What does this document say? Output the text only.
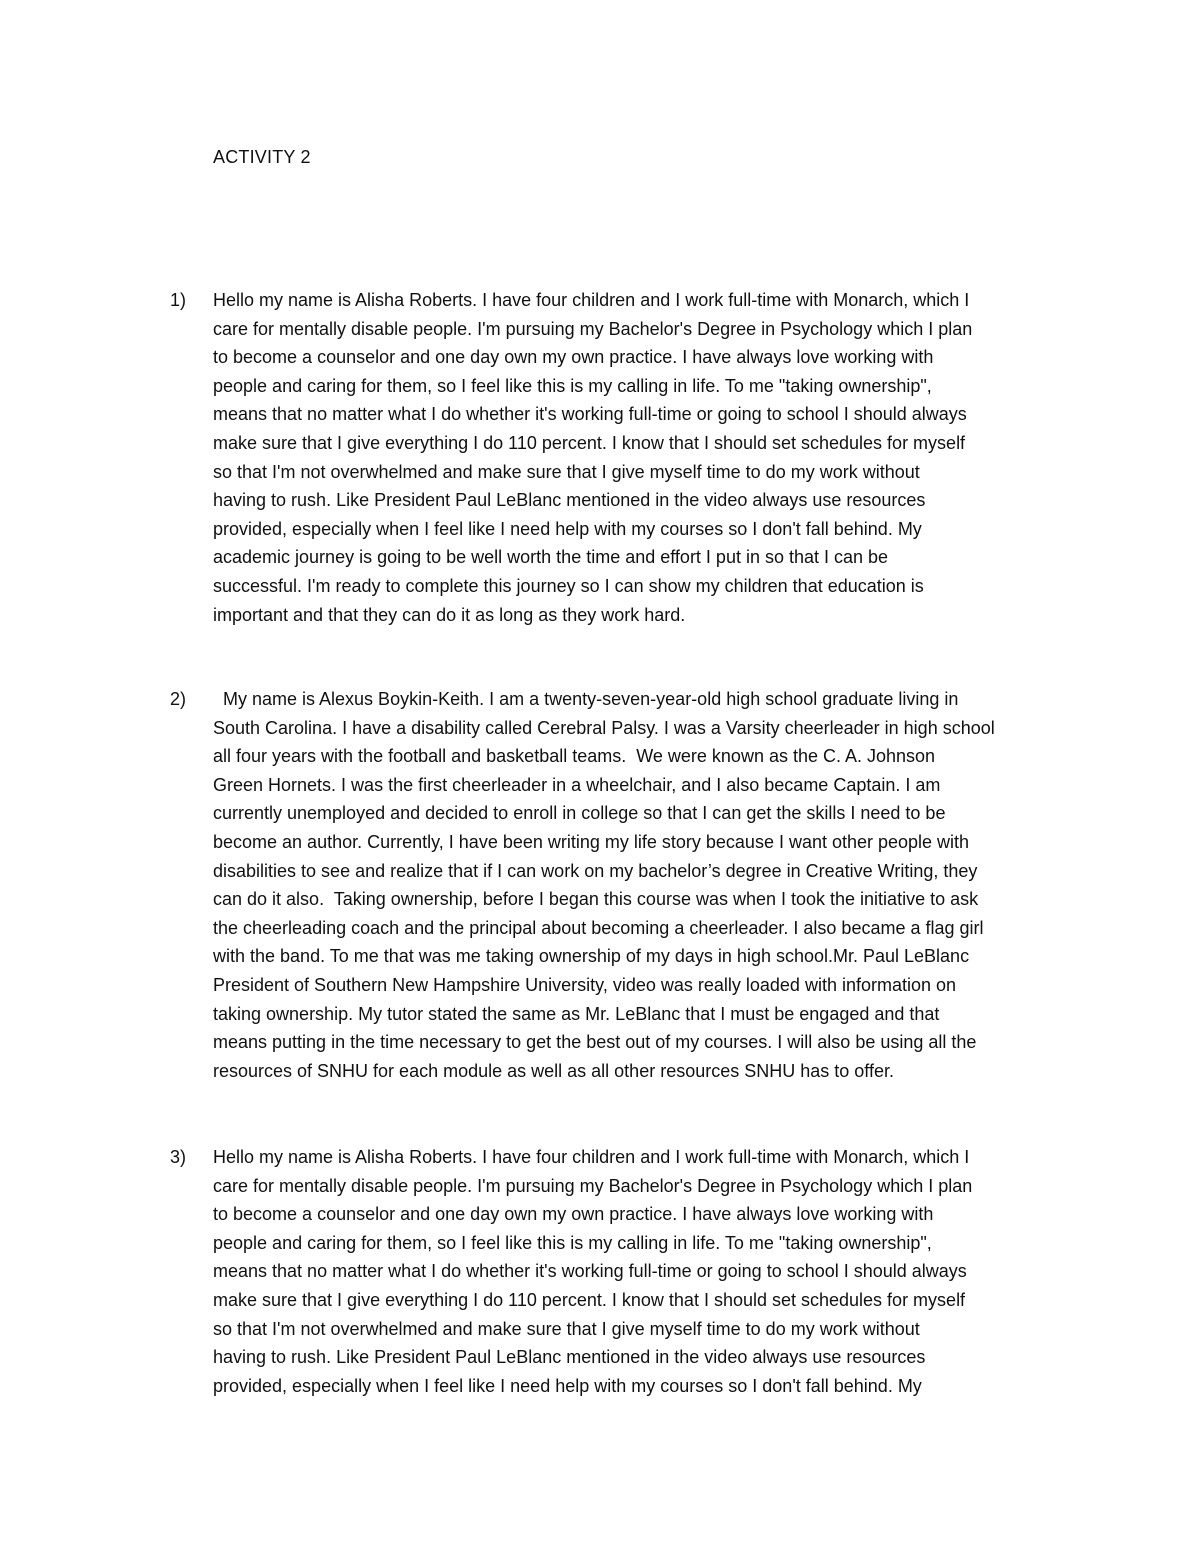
ACTIVITY 2
1)	Hello my name is Alisha Roberts. I have four children and I work full-time with Monarch, which I
care for mentally disable people. I'm pursuing my Bachelor's Degree in Psychology which I plan
to become a counselor and one day own my own practice. I have always love working with
people and caring for them, so I feel like this is my calling in life. To me "taking ownership",
means that no matter what I do whether it's working full-time or going to school I should always
make sure that I give everything I do 110 percent. I know that I should set schedules for myself
so that I'm not overwhelmed and make sure that I give myself time to do my work without
having to rush. Like President Paul LeBlanc mentioned in the video always use resources
provided, especially when I feel like I need help with my courses so I don't fall behind. My
academic journey is going to be well worth the time and effort I put in so that I can be
successful. I'm ready to complete this journey so I can show my children that education is
important and that they can do it as long as they work hard.
2)	My name is Alexus Boykin-Keith. I am a twenty-seven-year-old high school graduate living in
South Carolina. I have a disability called Cerebral Palsy. I was a Varsity cheerleader in high school
all four years with the football and basketball teams.  We were known as the C. A. Johnson
Green Hornets. I was the first cheerleader in a wheelchair, and I also became Captain. I am
currently unemployed and decided to enroll in college so that I can get the skills I need to be
become an author. Currently, I have been writing my life story because I want other people with
disabilities to see and realize that if I can work on my bachelor’s degree in Creative Writing, they
can do it also.  Taking ownership, before I began this course was when I took the initiative to ask
the cheerleading coach and the principal about becoming a cheerleader. I also became a flag girl
with the band. To me that was me taking ownership of my days in high school.Mr. Paul LeBlanc
President of Southern New Hampshire University, video was really loaded with information on
taking ownership. My tutor stated the same as Mr. LeBlanc that I must be engaged and that
means putting in the time necessary to get the best out of my courses. I will also be using all the
resources of SNHU for each module as well as all other resources SNHU has to offer.
3)	Hello my name is Alisha Roberts. I have four children and I work full-time with Monarch, which I
care for mentally disable people. I'm pursuing my Bachelor's Degree in Psychology which I plan
to become a counselor and one day own my own practice. I have always love working with
people and caring for them, so I feel like this is my calling in life. To me "taking ownership",
means that no matter what I do whether it's working full-time or going to school I should always
make sure that I give everything I do 110 percent. I know that I should set schedules for myself
so that I'm not overwhelmed and make sure that I give myself time to do my work without
having to rush. Like President Paul LeBlanc mentioned in the video always use resources
provided, especially when I feel like I need help with my courses so I don't fall behind. My
